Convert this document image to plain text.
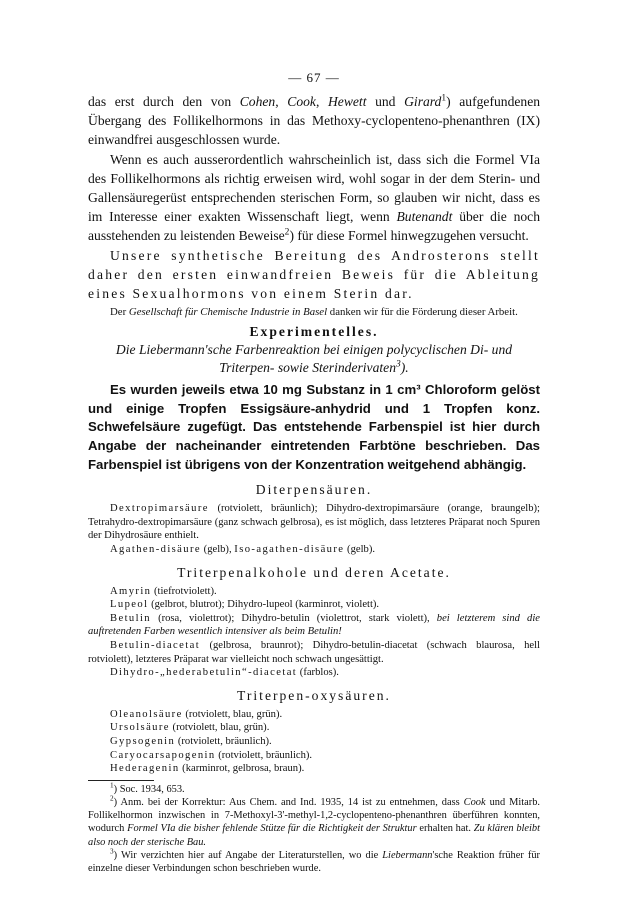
— 67 —

das erst durch den von Cohen, Cook, Hewett und Girard$^1$) aufgefundenen Übergang des Follikelhormons in das Methoxy-cyclopenteno-phenanthren (IX) einwandfrei ausgeschlossen wurde.

Wenn es auch ausserordentlich wahrscheinlich ist, dass sich die Formel VIa des Follikelhormons als richtig erweisen wird, wohl sogar in der dem Sterin- und Gallensäuregerüst entsprechenden sterischen Form, so glauben wir nicht, dass es im Interesse einer exakten Wissenschaft liegt, wenn Butenandt über die noch ausstehenden zu leistenden Beweise$^2$) für diese Formel hinwegzugehen versucht.

Unsere synthetische Bereitung des Androsterons stellt daher den ersten einwandfreien Beweis für die Ableitung eines Sexualhormons von einem Sterin dar.

Der Gesellschaft für Chemische Industrie in Basel danken wir für die Förderung dieser Arbeit.

Experimentelles.
Die Liebermann'sche Farbenreaktion bei einigen polycyclischen Di- und Triterpen- sowie Sterinderivaten$^3$).

Es wurden jeweils etwa 10 mg Substanz in 1 cm³ Chloroform gelöst und einige Tropfen Essigsäure-anhydrid und 1 Tropfen konz. Schwefelsäure zugefügt. Das entstehende Farbenspiel ist hier durch Angabe der nacheinander eintretenden Farbtöne beschrieben. Das Farbenspiel ist übrigens von der Konzentration weitgehend abhängig.

Diterpensäuren.

Dextropimarsäure (rotviolett, bräunlich); Dihydro-dextropimarsäure (orange, braungelb); Tetrahydro-dextropimarsäure (ganz schwach gelbrosa), es ist möglich, dass letzteres Präparat noch Spuren der Dihydrosäure enthielt.

Agathen-disäure (gelb), Iso-agathen-disäure (gelb).

Triterpenalkohole und deren Acetate.

Amyrin (tiefrotviolett).

Lupeol (gelbrot, blutrot); Dihydro-lupeol (karminrot, violett).

Betulin (rosa, violettrot); Dihydro-betulin (violettrot, stark violett), bei letzterem sind die auftretenden Farben wesentlich intensiver als beim Betulin!

Betulin-diacetat (gelbrosa, braunrot); Dihydro-betulin-diacetat (schwach blaurosa, hell rotviolett), letzteres Präparat war vielleicht noch schwach ungesättigt.

Dihydro-„hederabetulin“-diacetat (farblos).

Triterpen-oxysäuren.

Oleanolsäure (rotviolett, blau, grün).

Ursolsäure (rotviolett, blau, grün).

Gypsogenin (rotviolett, bräunlich).

Caryocarsapogenin (rotviolett, bräunlich).

Hederagenin (karminrot, gelbrosa, braun).

$^1$) Soc. 1934, 653.

$^2$) Anm. bei der Korrektur: Aus Chem. and Ind. 1935, 14 ist zu entnehmen, dass Cook und Mitarb. Follikelhormon inzwischen in 7-Methoxyl-3'-methyl-1,2-cyclopenteno-phenanthren überführen konnten, wodurch Formel VIa die bisher fehlende Stütze für die Richtigkeit der Struktur erhalten hat. Zu klären bleibt also noch der sterische Bau.

$^3$) Wir verzichten hier auf Angabe der Literaturstellen, wo die Liebermann'sche Reaktion früher für einzelne dieser Verbindungen schon beschrieben wurde.
